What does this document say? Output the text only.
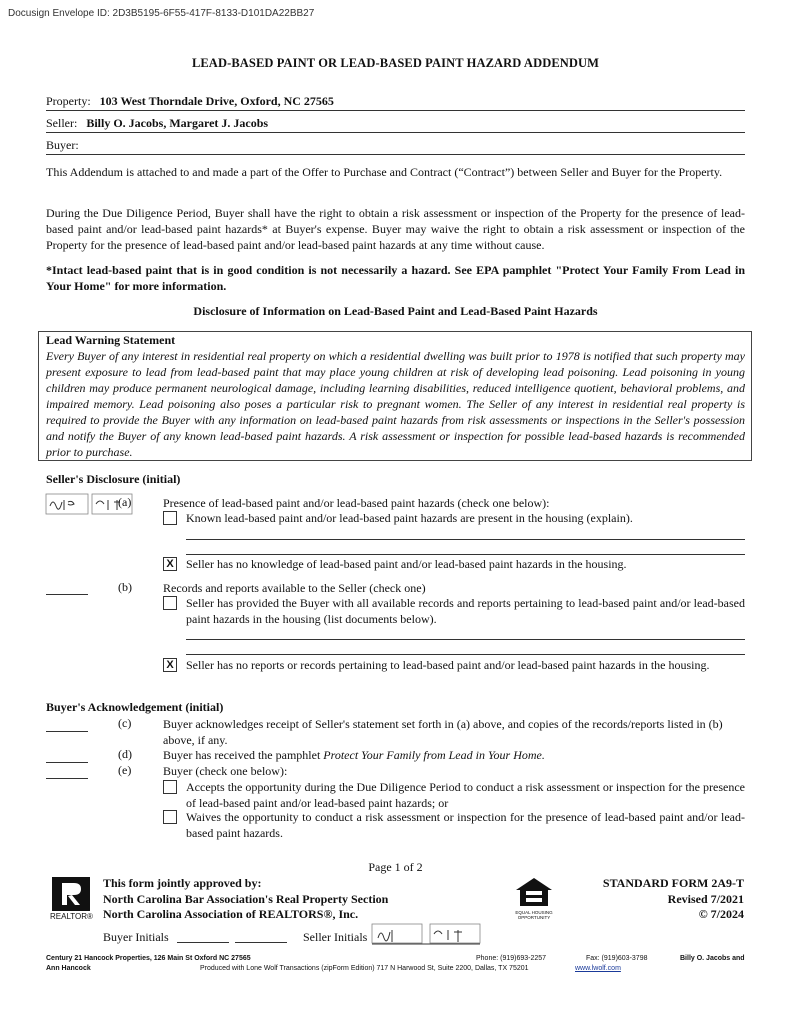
Docusign Envelope ID: 2D3B5195-6F55-417F-8133-D101DA22BB27
LEAD-BASED PAINT OR LEAD-BASED PAINT HAZARD ADDENDUM
Property: 103 West Thorndale Drive, Oxford, NC 27565
Seller: Billy O. Jacobs, Margaret J. Jacobs
Buyer:
This Addendum is attached to and made a part of the Offer to Purchase and Contract (“Contract”) between Seller and Buyer for the Property.
During the Due Diligence Period, Buyer shall have the right to obtain a risk assessment or inspection of the Property for the presence of lead-based paint and/or lead-based paint hazards* at Buyer's expense. Buyer may waive the right to obtain a risk assessment or inspection of the Property for the presence of lead-based paint and/or lead-based paint hazards at any time without cause.
*Intact lead-based paint that is in good condition is not necessarily a hazard. See EPA pamphlet "Protect Your Family From Lead in Your Home" for more information.
Disclosure of Information on Lead-Based Paint and Lead-Based Paint Hazards
Lead Warning Statement
Every Buyer of any interest in residential real property on which a residential dwelling was built prior to 1978 is notified that such property may present exposure to lead from lead-based paint that may place young children at risk of developing lead poisoning. Lead poisoning in young children may produce permanent neurological damage, including learning disabilities, reduced intelligence quotient, behavioral problems, and impaired memory. Lead poisoning also poses a particular risk to pregnant women. The Seller of any interest in residential real property is required to provide the Buyer with any information on lead-based paint hazards from risk assessments or inspections in the Seller's possession and notify the Buyer of any known lead-based paint hazards. A risk assessment or inspection for possible lead-based hazards is recommended prior to purchase.
Seller's Disclosure (initial)
(a)	Presence of lead-based paint and/or lead-based paint hazards (check one below):
Known lead-based paint and/or lead-based paint hazards are present in the housing (explain).
X Seller has no knowledge of lead-based paint and/or lead-based paint hazards in the housing.
(b)	Records and reports available to the Seller (check one)
Seller has provided the Buyer with all available records and reports pertaining to lead-based paint and/or lead-based paint hazards in the housing (list documents below).
X Seller has no reports or records pertaining to lead-based paint and/or lead-based paint hazards in the housing.
Buyer's Acknowledgement (initial)
(c)	Buyer acknowledges receipt of Seller's statement set forth in (a) above, and copies of the records/reports listed in (b) above, if any.
(d)	Buyer has received the pamphlet Protect Your Family from Lead in Your Home.
(e)	Buyer (check one below):
Accepts the opportunity during the Due Diligence Period to conduct a risk assessment or inspection for the presence of lead-based paint and/or lead-based paint hazards; or
Waives the opportunity to conduct a risk assessment or inspection for the presence of lead-based paint and/or lead-based paint hazards.
Page 1 of 2
REALTOR®
This form jointly approved by:
North Carolina Bar Association's Real Property Section
North Carolina Association of REALTORS®, Inc.	EQUAL HOUSING OPPORTUNITY
STANDARD FORM 2A9-T
Revised 7/2021
© 7/2024
Buyer Initials	Seller Initials
Century 21 Hancock Properties, 126 Main St Oxford NC 27565
Ann Hancock
Phone: (919)693-2257	Fax: (919)603-3798	Billy O. Jacobs and
Produced with Lone Wolf Transactions (zipForm Edition) 717 N Harwood St, Suite 2200, Dallas, TX 75201	www.lwolf.com
